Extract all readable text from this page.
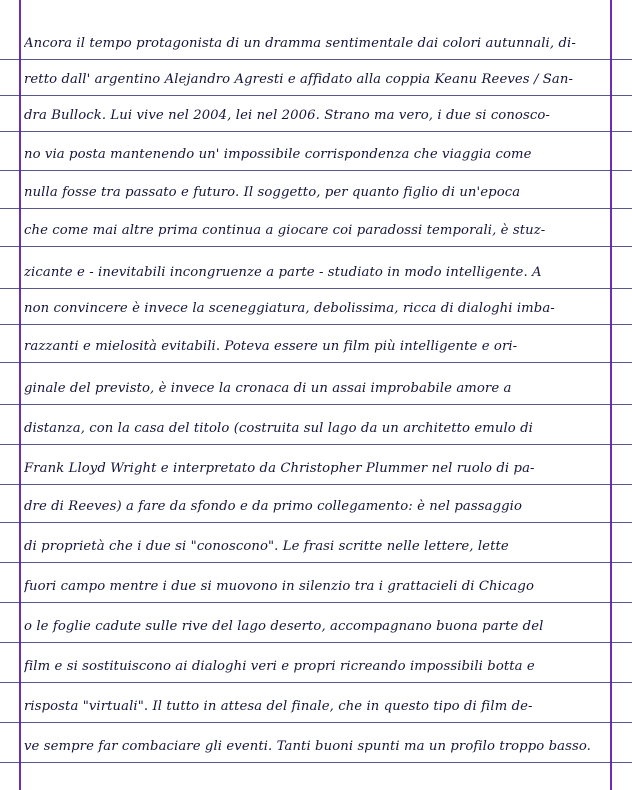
Ancora il tempo protagonista di un dramma sentimentale dai colori autunnali, di-
retto dall' argentino Alejandro Agresti e affidato alla coppia Keanu Reeves / San-
dra Bullock. Lui vive nel 2004, lei nel 2006. Strano ma vero, i due si conosco-
no via posta mantenendo un' impossibile corrispondenza che viaggia come
nulla fosse tra passato e futuro. Il soggetto, per quanto figlio di un'epoca
che come mai altre prima continua a giocare coi paradossi temporali, è stuz-
zicante e - inevitabili incongruenze a parte - studiato in modo intelligente. A
non convincere è invece la sceneggiatura, debolissima, ricca di dialoghi imba-
razzanti e mielosità evitabili. Poteva essere un film più intelligente e ori-
ginale del previsto, è invece la cronaca di un assai improbabile amore a
distanza, con la casa del titolo (costruita sul lago da un architetto emulo di
Frank Lloyd Wright e interpretato da Christopher Plummer nel ruolo di pa-
dre di Reeves) a fare da sfondo e da primo collegamento: è nel passaggio
di proprietà che i due si "conoscono". Le frasi scritte nelle lettere, lette
fuori campo mentre i due si muovono in silenzio tra i grattacieli di Chicago
o le foglie cadute sulle rive del lago deserto, accompagnano buona parte del
film e si sostituiscono ai dialoghi veri e propri ricreando impossibili botta e
risposta "virtuali". Il tutto in attesa del finale, che in questo tipo di film de-
ve sempre far combaciare gli eventi. Tanti buoni spunti ma un profilo troppo basso.
